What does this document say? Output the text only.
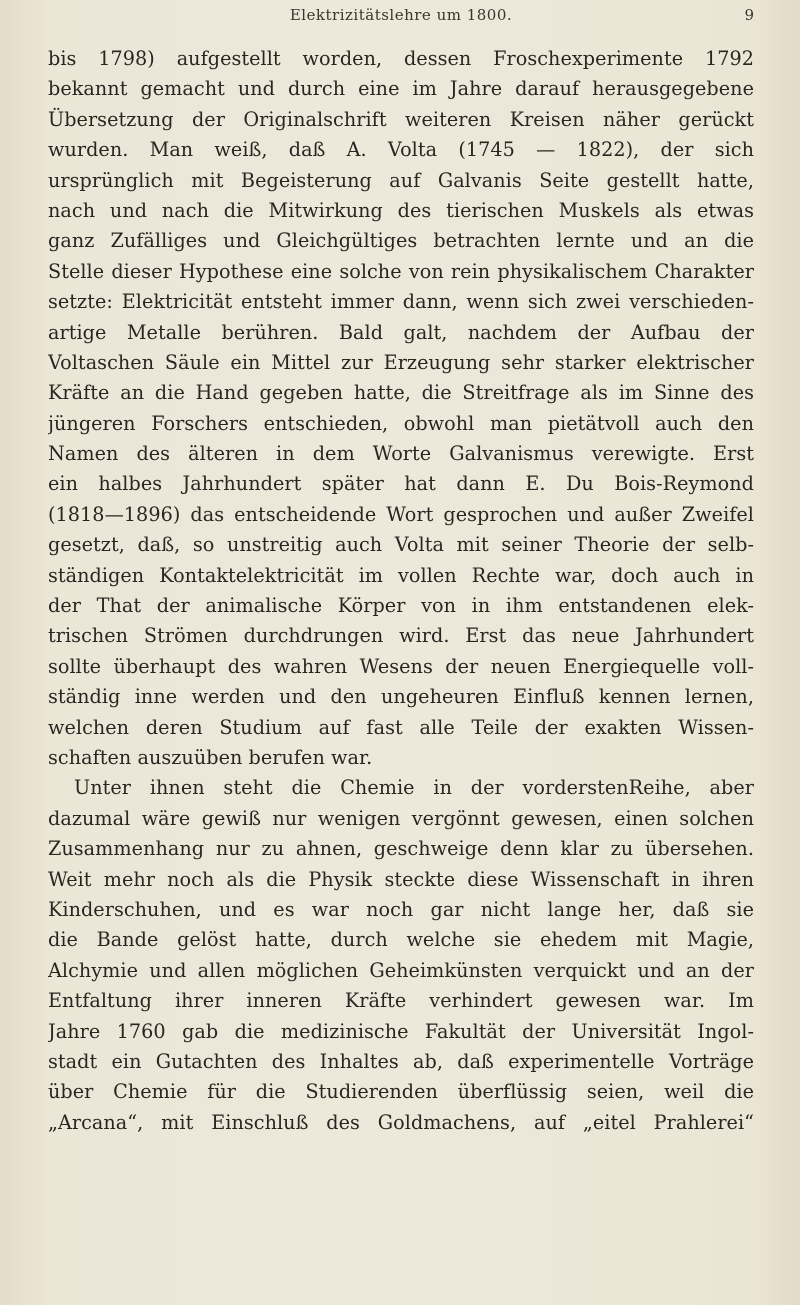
Elektrizitätslehre um 1800.	9
bis 1798) aufgestellt worden, dessen Froschexperimente 1792
bekannt gemacht und durch eine im Jahre darauf herausgegebene
Übersetzung der Originalschrift weiteren Kreisen näher gerückt
wurden. Man weiß, daß A. Volta (1745 — 1822), der sich
ursprünglich mit Begeisterung auf Galvanis Seite gestellt hatte,
nach und nach die Mitwirkung des tierischen Muskels als etwas
ganz Zufälliges und Gleichgültiges betrachten lernte und an die
Stelle dieser Hypothese eine solche von rein physikalischem Charakter
setzte: Elektricität entsteht immer dann, wenn sich zwei verschieden-
artige Metalle berühren. Bald galt, nachdem der Aufbau der
Voltaschen Säule ein Mittel zur Erzeugung sehr starker elektrischer
Kräfte an die Hand gegeben hatte, die Streitfrage als im Sinne des
jüngeren Forschers entschieden, obwohl man pietätvoll auch den
Namen des älteren in dem Worte Galvanismus verewigte. Erst
ein halbes Jahrhundert später hat dann E. Du Bois-Reymond
(1818—1896) das entscheidende Wort gesprochen und außer Zweifel
gesetzt, daß, so unstreitig auch Volta mit seiner Theorie der selb-
ständigen Kontaktelektricität im vollen Rechte war, doch auch in
der That der animalische Körper von in ihm entstandenen elek-
trischen Strömen durchdrungen wird. Erst das neue Jahrhundert
sollte überhaupt des wahren Wesens der neuen Energiequelle voll-
ständig inne werden und den ungeheuren Einfluß kennen lernen,
welchen deren Studium auf fast alle Teile der exakten Wissen-
schaften auszuüben berufen war.
Unter ihnen steht die Chemie in der vorderstenReihe, aber
dazumal wäre gewiß nur wenigen vergönnt gewesen, einen solchen
Zusammenhang nur zu ahnen, geschweige denn klar zu übersehen.
Weit mehr noch als die Physik steckte diese Wissenschaft in ihren
Kinderschuhen, und es war noch gar nicht lange her, daß sie
die Bande gelöst hatte, durch welche sie ehedem mit Magie,
Alchymie und allen möglichen Geheimkünsten verquickt und an der
Entfaltung ihrer inneren Kräfte verhindert gewesen war. Im
Jahre 1760 gab die medizinische Fakultät der Universität Ingol-
stadt ein Gutachten des Inhaltes ab, daß experimentelle Vorträge
über Chemie für die Studierenden überflüssig seien, weil die
„Arcana“, mit Einschluß des Goldmachens, auf „eitel Prahlerei“
